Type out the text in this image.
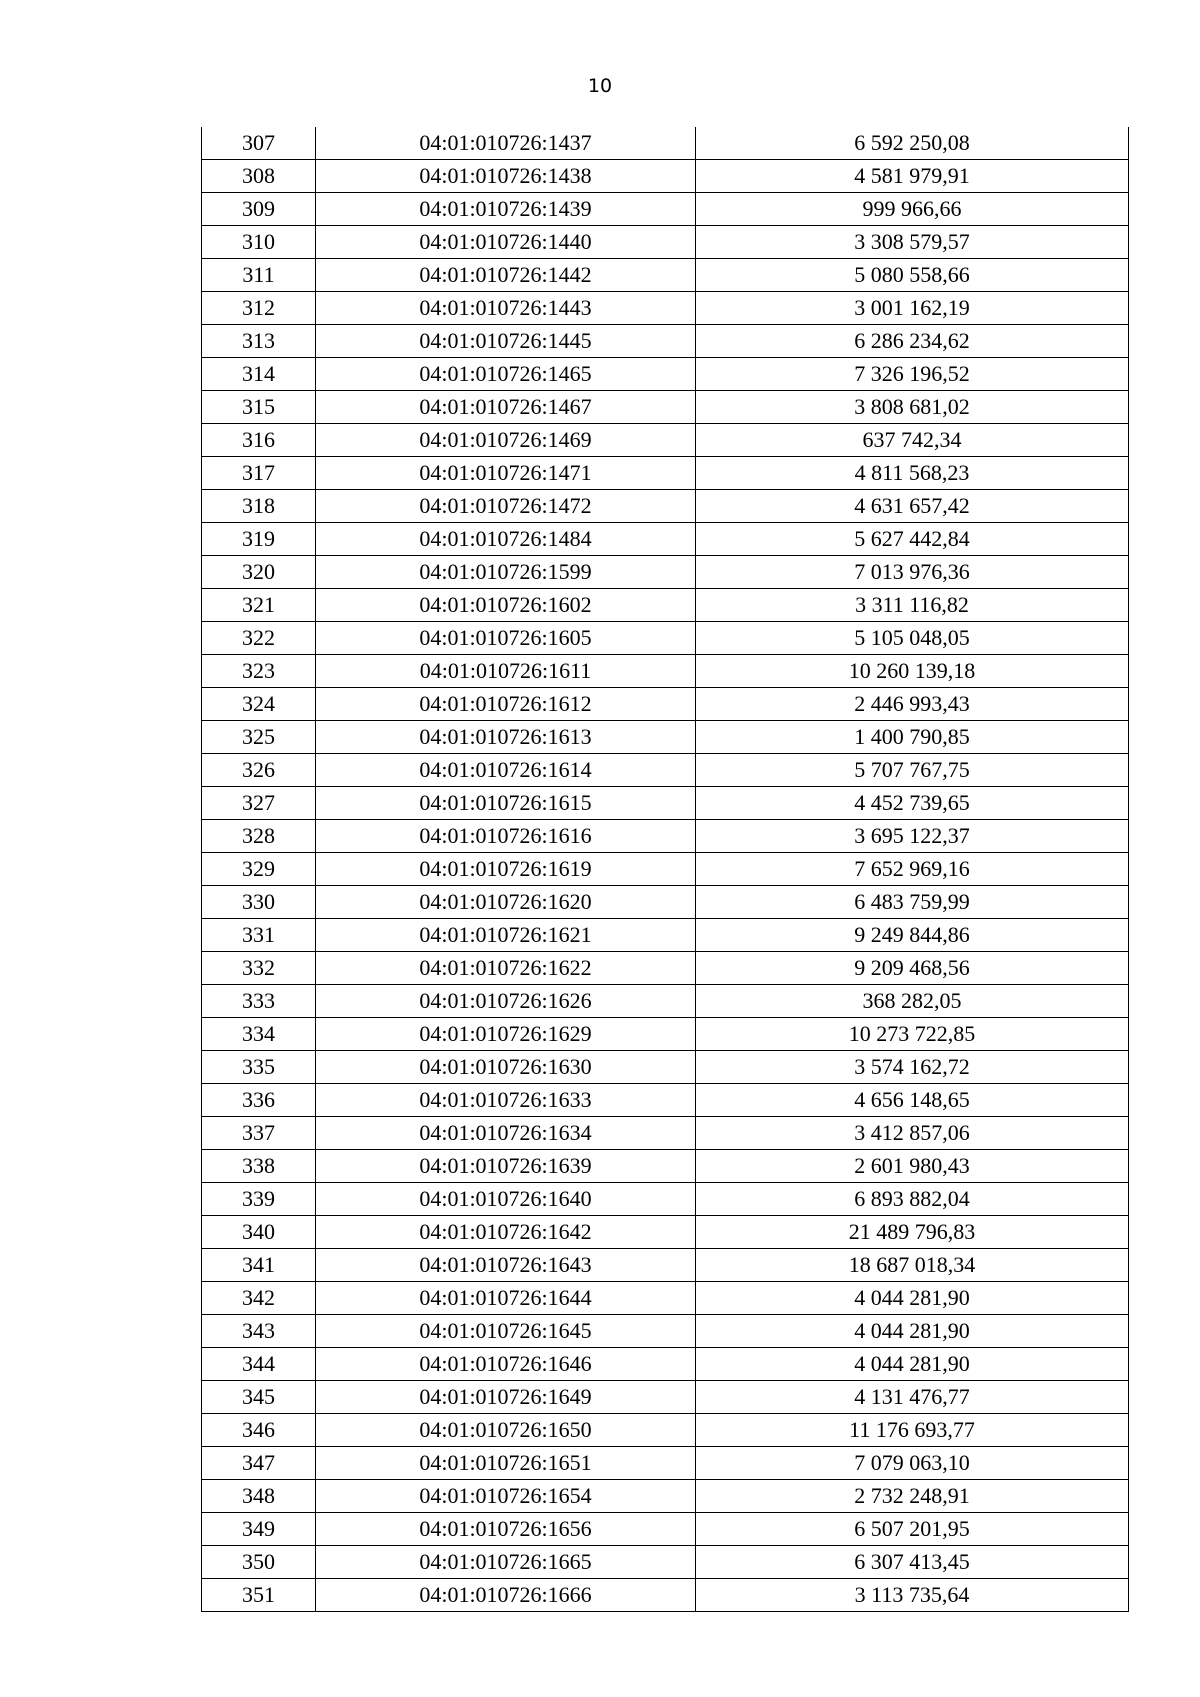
10
307	04:01:010726:1437	6 592 250,08
308	04:01:010726:1438	4 581 979,91
309	04:01:010726:1439	999 966,66
310	04:01:010726:1440	3 308 579,57
311	04:01:010726:1442	5 080 558,66
312	04:01:010726:1443	3 001 162,19
313	04:01:010726:1445	6 286 234,62
314	04:01:010726:1465	7 326 196,52
315	04:01:010726:1467	3 808 681,02
316	04:01:010726:1469	637 742,34
317	04:01:010726:1471	4 811 568,23
318	04:01:010726:1472	4 631 657,42
319	04:01:010726:1484	5 627 442,84
320	04:01:010726:1599	7 013 976,36
321	04:01:010726:1602	3 311 116,82
322	04:01:010726:1605	5 105 048,05
323	04:01:010726:1611	10 260 139,18
324	04:01:010726:1612	2 446 993,43
325	04:01:010726:1613	1 400 790,85
326	04:01:010726:1614	5 707 767,75
327	04:01:010726:1615	4 452 739,65
328	04:01:010726:1616	3 695 122,37
329	04:01:010726:1619	7 652 969,16
330	04:01:010726:1620	6 483 759,99
331	04:01:010726:1621	9 249 844,86
332	04:01:010726:1622	9 209 468,56
333	04:01:010726:1626	368 282,05
334	04:01:010726:1629	10 273 722,85
335	04:01:010726:1630	3 574 162,72
336	04:01:010726:1633	4 656 148,65
337	04:01:010726:1634	3 412 857,06
338	04:01:010726:1639	2 601 980,43
339	04:01:010726:1640	6 893 882,04
340	04:01:010726:1642	21 489 796,83
341	04:01:010726:1643	18 687 018,34
342	04:01:010726:1644	4 044 281,90
343	04:01:010726:1645	4 044 281,90
344	04:01:010726:1646	4 044 281,90
345	04:01:010726:1649	4 131 476,77
346	04:01:010726:1650	11 176 693,77
347	04:01:010726:1651	7 079 063,10
348	04:01:010726:1654	2 732 248,91
349	04:01:010726:1656	6 507 201,95
350	04:01:010726:1665	6 307 413,45
351	04:01:010726:1666	3 113 735,64
